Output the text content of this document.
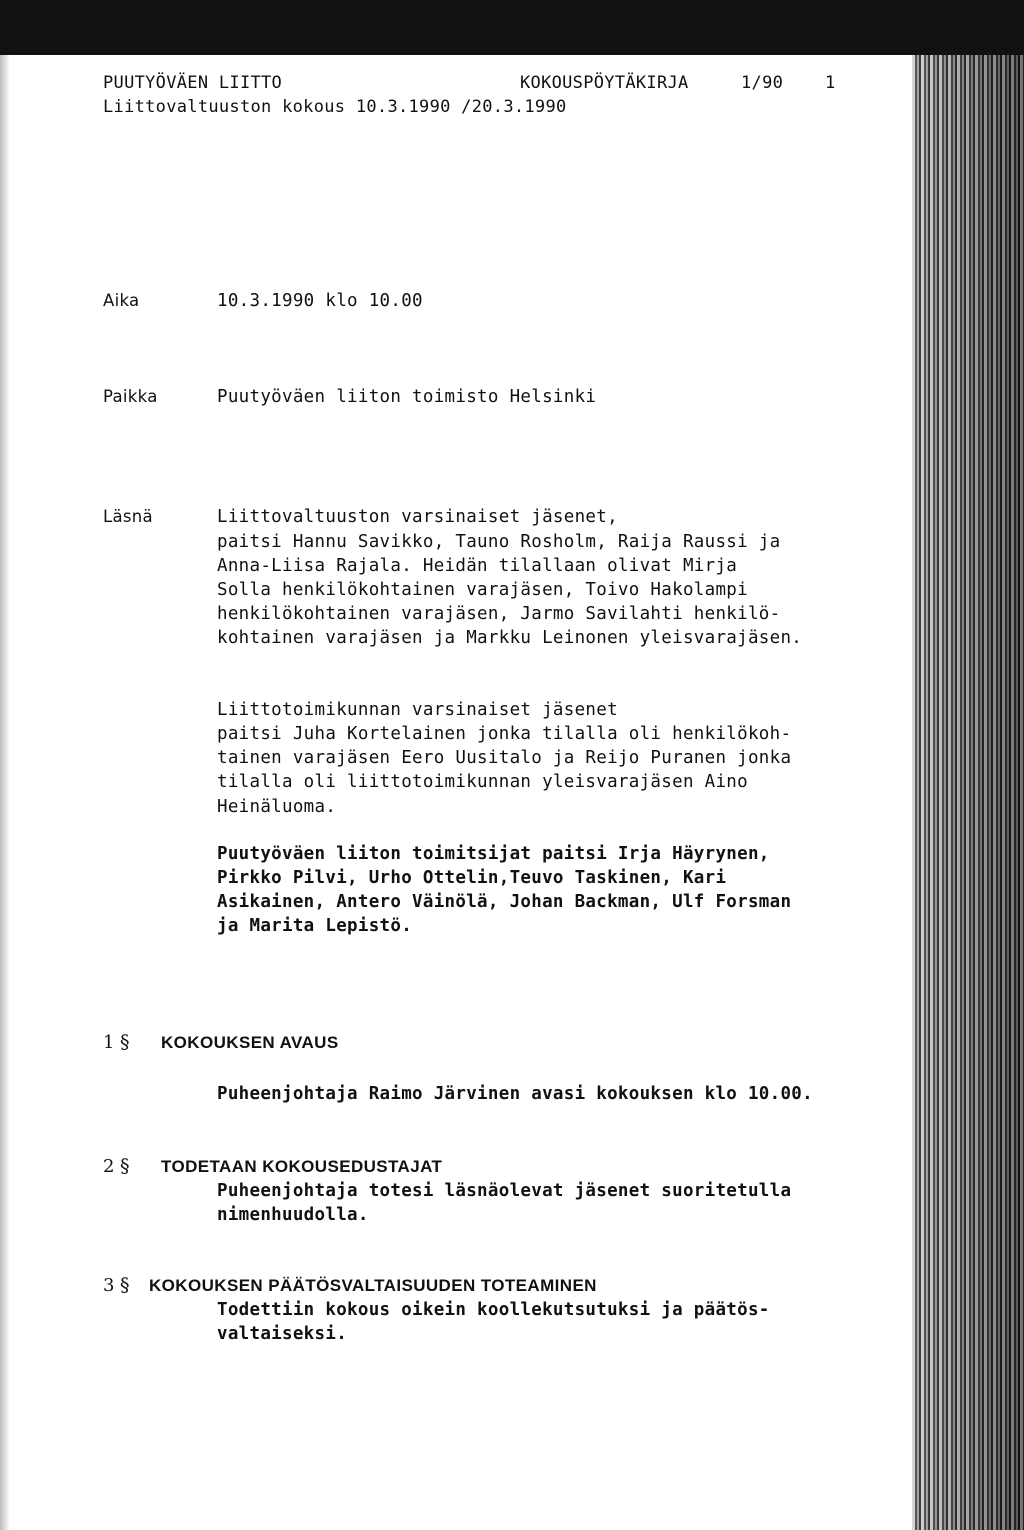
PUUTYÖVÄEN LIITTO	KOKOUSPÖYTÄKIRJA	1/90 1
Liittovaltuuston kokous 10.3.1990 /20.3.1990
Aika	10.3.1990 klo 10.00
Paikka	Puutyöväen liiton toimisto Helsinki
Läsnä	Liittovaltuuston varsinaiset jäsenet,
paitsi Hannu Savikko, Tauno Rosholm, Raija Raussi ja
Anna-Liisa Rajala. Heidän tilallaan olivat Mirja
Solla henkilökohtainen varajäsen, Toivo Hakolampi
henkilökohtainen varajäsen, Jarmo Savilahti henkilö-
kohtainen varajäsen ja Markku Leinonen yleisvarajäsen.
Liittotoimikunnan varsinaiset jäsenet
paitsi Juha Kortelainen jonka tilalla oli henkilökoh-
tainen varajäsen Eero Uusitalo ja Reijo Puranen jonka
tilalla oli liittotoimikunnan yleisvarajäsen Aino
Heinäluoma.
Puutyöväen liiton toimitsijat paitsi Irja Häyrynen,
Pirkko Pilvi, Urho Ottelin,Teuvo Taskinen, Kari
Asikainen, Antero Väinölä, Johan Backman, Ulf Forsman
ja Marita Lepistö.
1 § KOKOUKSEN AVAUS
Puheenjohtaja Raimo Järvinen avasi kokouksen klo 10.00.
2 § TODETAAN KOKOUSEDUSTAJAT
Puheenjohtaja totesi läsnäolevat jäsenet suoritetulla
nimenhuudolla.
3 § KOKOUKSEN PÄÄTÖSVALTAISUUDEN TOTEAMINEN
Todettiin kokous oikein koollekutsutuksi ja päätös-
valtaiseksi.
